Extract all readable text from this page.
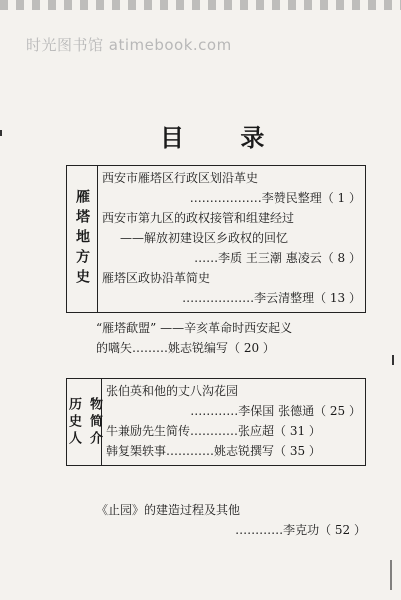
时光图书馆 atimebook.com
目 录
雁塔地方史
西安市雁塔区行政区划沿革史
………………李赞民整理（ 1 ）
西安市第九区的政权接管和组建经过
——解放初建设区乡政权的回忆
……李质 王三潮 惠凌云（ 8 ）
雁塔区政协沿革简史
………………李云清整理（ 13 ）
“雁塔歃盟” ——辛亥革命时西安起义
的嚆矢………姚志锐编写（ 20 ）
历史人 物简介
张伯英和他的丈八沟花园
…………李保国 张德通（ 25 ）
牛兼励先生简传…………张应超（ 31 ）
韩复榘轶事…………姚志锐撰写（ 35 ）
《止园》的建造过程及其他
…………李克功（ 52 ）
